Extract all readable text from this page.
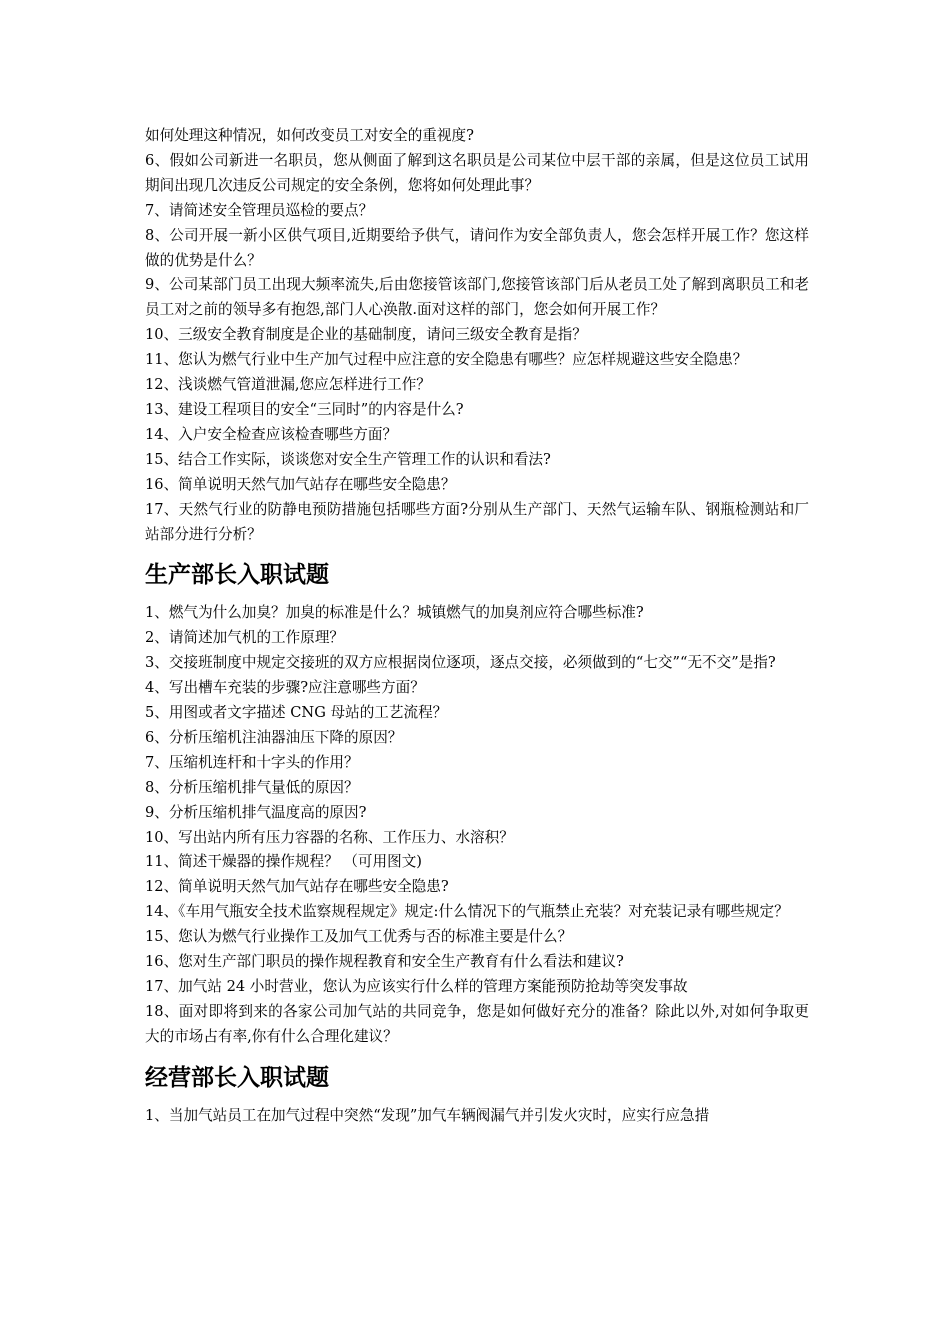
如何处理这种情况，如何改变员工对安全的重视度?

6、假如公司新进一名职员，您从侧面了解到这名职员是公司某位中层干部的亲属，但是这位员工试用期间出现几次违反公司规定的安全条例，您将如何处理此事？

7、请简述安全管理员巡检的要点？

8、公司开展一新小区供气项目,近期要给予供气，请问作为安全部负责人，您会怎样开展工作？您这样做的优势是什么？

9、公司某部门员工出现大频率流失,后由您接管该部门,您接管该部门后从老员工处了解到离职员工和老员工对之前的领导多有抱怨,部门人心涣散.面对这样的部门，您会如何开展工作？

10、三级安全教育制度是企业的基础制度，请问三级安全教育是指？

11、您认为燃气行业中生产加气过程中应注意的安全隐患有哪些？应怎样规避这些安全隐患？

12、浅谈燃气管道泄漏,您应怎样进行工作？

13、建设工程项目的安全“三同时”的内容是什么?

14、入户安全检查应该检查哪些方面？

15、结合工作实际，谈谈您对安全生产管理工作的认识和看法?

16、简单说明天然气加气站存在哪些安全隐患？

17、天然气行业的防静电预防措施包括哪些方面?分别从生产部门、天然气运输车队、钢瓶检测站和厂站部分进行分析？

生产部长入职试题

1、燃气为什么加臭？加臭的标准是什么？城镇燃气的加臭剂应符合哪些标准?

2、请简述加气机的工作原理？

3、交接班制度中规定交接班的双方应根据岗位逐项，逐点交接，必须做到的“七交”“无不交”是指?

4、写出槽车充装的步骤?应注意哪些方面？

5、用图或者文字描述 CNG 母站的工艺流程？

6、分析压缩机注油器油压下降的原因？

7、压缩机连杆和十字头的作用？

8、分析压缩机排气量低的原因？

9、分析压缩机排气温度高的原因?

10、写出站内所有压力容器的名称、工作压力、水溶积？

11、简述干燥器的操作规程？ （可用图文)

12、简单说明天然气加气站存在哪些安全隐患?

14、《车用气瓶安全技术监察规程规定》规定:什么情况下的气瓶禁止充装？对充装记录有哪些规定？

15、您认为燃气行业操作工及加气工优秀与否的标准主要是什么？

16、您对生产部门职员的操作规程教育和安全生产教育有什么看法和建议?

17、加气站 24 小时营业，您认为应该实行什么样的管理方案能预防抢劫等突发事故

18、面对即将到来的各家公司加气站的共同竞争，您是如何做好充分的准备？除此以外,对如何争取更大的市场占有率,你有什么合理化建议？

经营部长入职试题

1、当加气站员工在加气过程中突然“发现”加气车辆阀漏气并引发火灾时，应实行应急措
